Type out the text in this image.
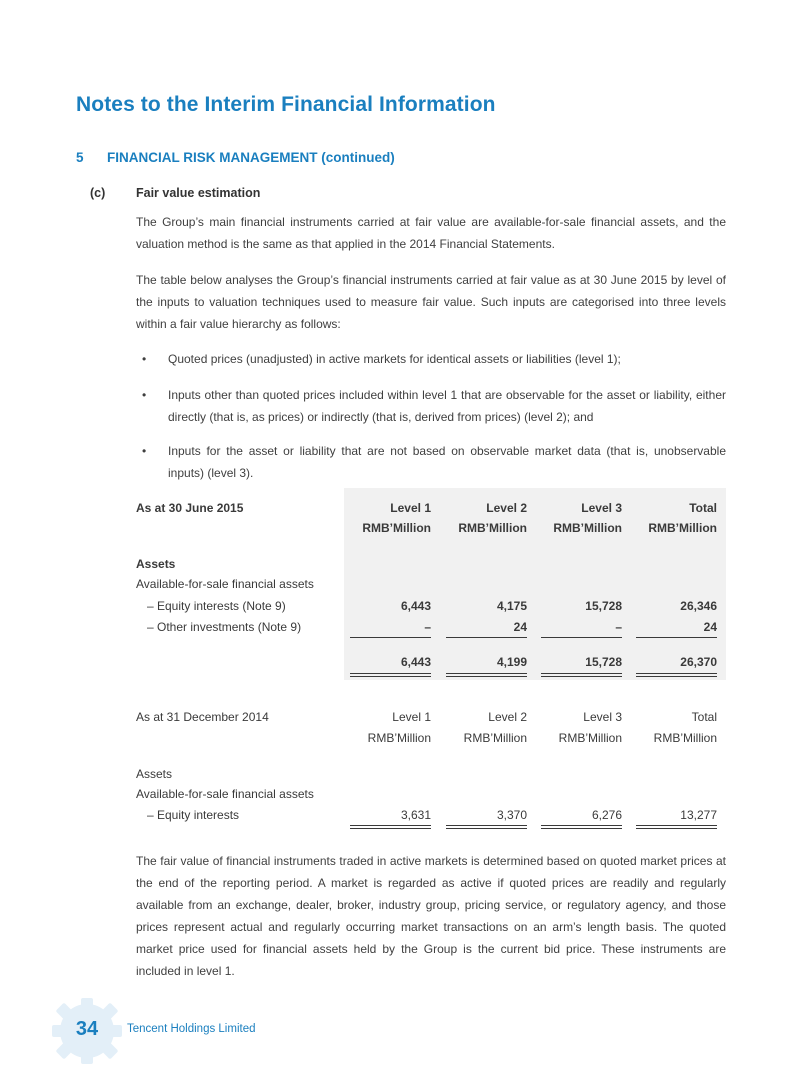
Notes to the Interim Financial Information
5 FINANCIAL RISK MANAGEMENT (continued)
(c) Fair value estimation
The Group’s main financial instruments carried at fair value are available-for-sale financial assets, and the valuation method is the same as that applied in the 2014 Financial Statements.
The table below analyses the Group’s financial instruments carried at fair value as at 30 June 2015 by level of the inputs to valuation techniques used to measure fair value. Such inputs are categorised into three levels within a fair value hierarchy as follows:
• Quoted prices (unadjusted) in active markets for identical assets or liabilities (level 1);
• Inputs other than quoted prices included within level 1 that are observable for the asset or liability, either directly (that is, as prices) or indirectly (that is, derived from prices) (level 2); and
• Inputs for the asset or liability that are not based on observable market data (that is, unobservable inputs) (level 3).
As at 30 June 2015	Level 1	Level 2	Level 3	Total
RMB’Million	RMB’Million	RMB’Million	RMB’Million
Assets
Available-for-sale financial assets
– Equity interests (Note 9)	6,443	4,175	15,728	26,346
– Other investments (Note 9)	–	24	–	24
6,443	4,199	15,728	26,370
As at 31 December 2014	Level 1	Level 2	Level 3	Total
RMB’Million	RMB’Million	RMB’Million	RMB’Million
Assets
Available-for-sale financial assets
– Equity interests	3,631	3,370	6,276	13,277
The fair value of financial instruments traded in active markets is determined based on quoted market prices at the end of the reporting period. A market is regarded as active if quoted prices are readily and regularly available from an exchange, dealer, broker, industry group, pricing service, or regulatory agency, and those prices represent actual and regularly occurring market transactions on an arm’s length basis. The quoted market price used for financial assets held by the Group is the current bid price. These instruments are included in level 1.
34	Tencent Holdings Limited
